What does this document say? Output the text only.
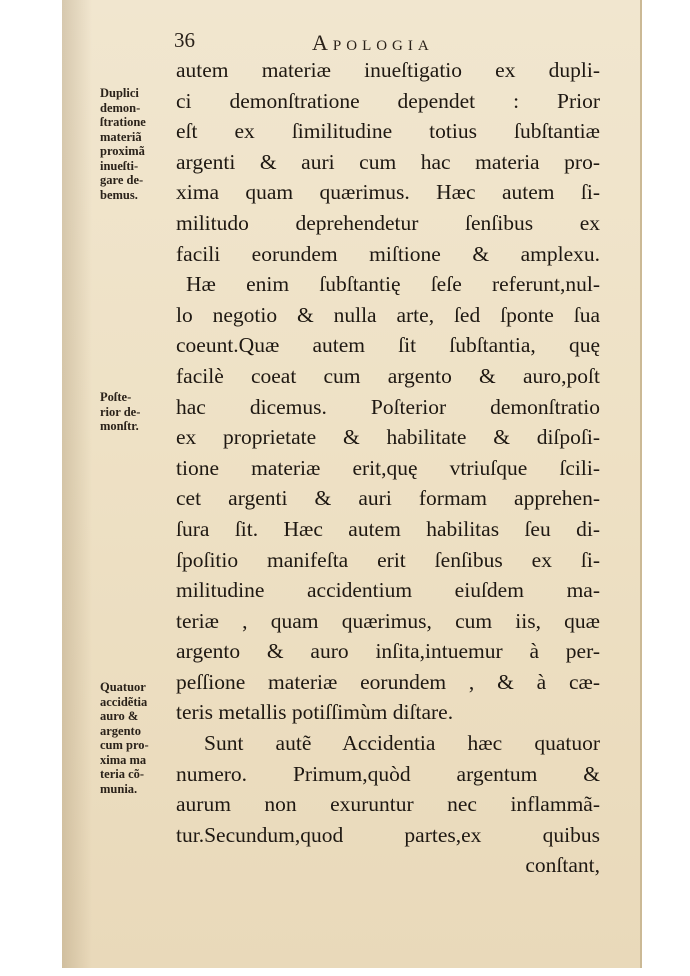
36	Apologia
Duplici
demon-
ſtratione
materiã
proximã
inueſti-
gare de-
bemus.
Poſte-
rior de-
monſtr.
Quatuor
accidẽtia
auro &
argento
cum pro-
xima ma
teria cõ-
munia.
autem materiæ inueſtigatio ex dupli-
ci demonſtratione dependet : Prior
eſt ex ſimilitudine totius ſubſtantiæ
argenti & auri cum hac materia pro-
xima quam quærimus. Hæc autem ſi-
militudo deprehendetur ſenſibus ex
facili eorundem miſtione & amplexu.
Hæ enim ſubſtantię ſeſe referunt,nul-
lo negotio & nulla arte, ſed ſponte ſua
coeunt.Quæ autem ſit ſubſtantia, quę
facilè coeat cum argento & auro,poſt
hac dicemus. Poſterior demonſtratio
ex proprietate & habilitate & diſpoſi-
tione materiæ erit,quę vtriuſque ſcili-
cet argenti & auri formam apprehen-
ſura ſit. Hæc autem habilitas ſeu di-
ſpoſitio manifeſta erit ſenſibus ex ſi-
militudine accidentium eiuſdem ma-
teriæ , quam quærimus, cum iis, quæ
argento & auro inſita,intuemur à per-
peſſione materiæ eorundem , & à cæ-
teris metallis potiſſimùm diſtare.
Sunt autẽ Accidentia hæc quatuor
numero. Primum,quòd argentum &
aurum non exuruntur nec inflammã-
tur.Secundum,quod partes,ex quibus
conſtant,
